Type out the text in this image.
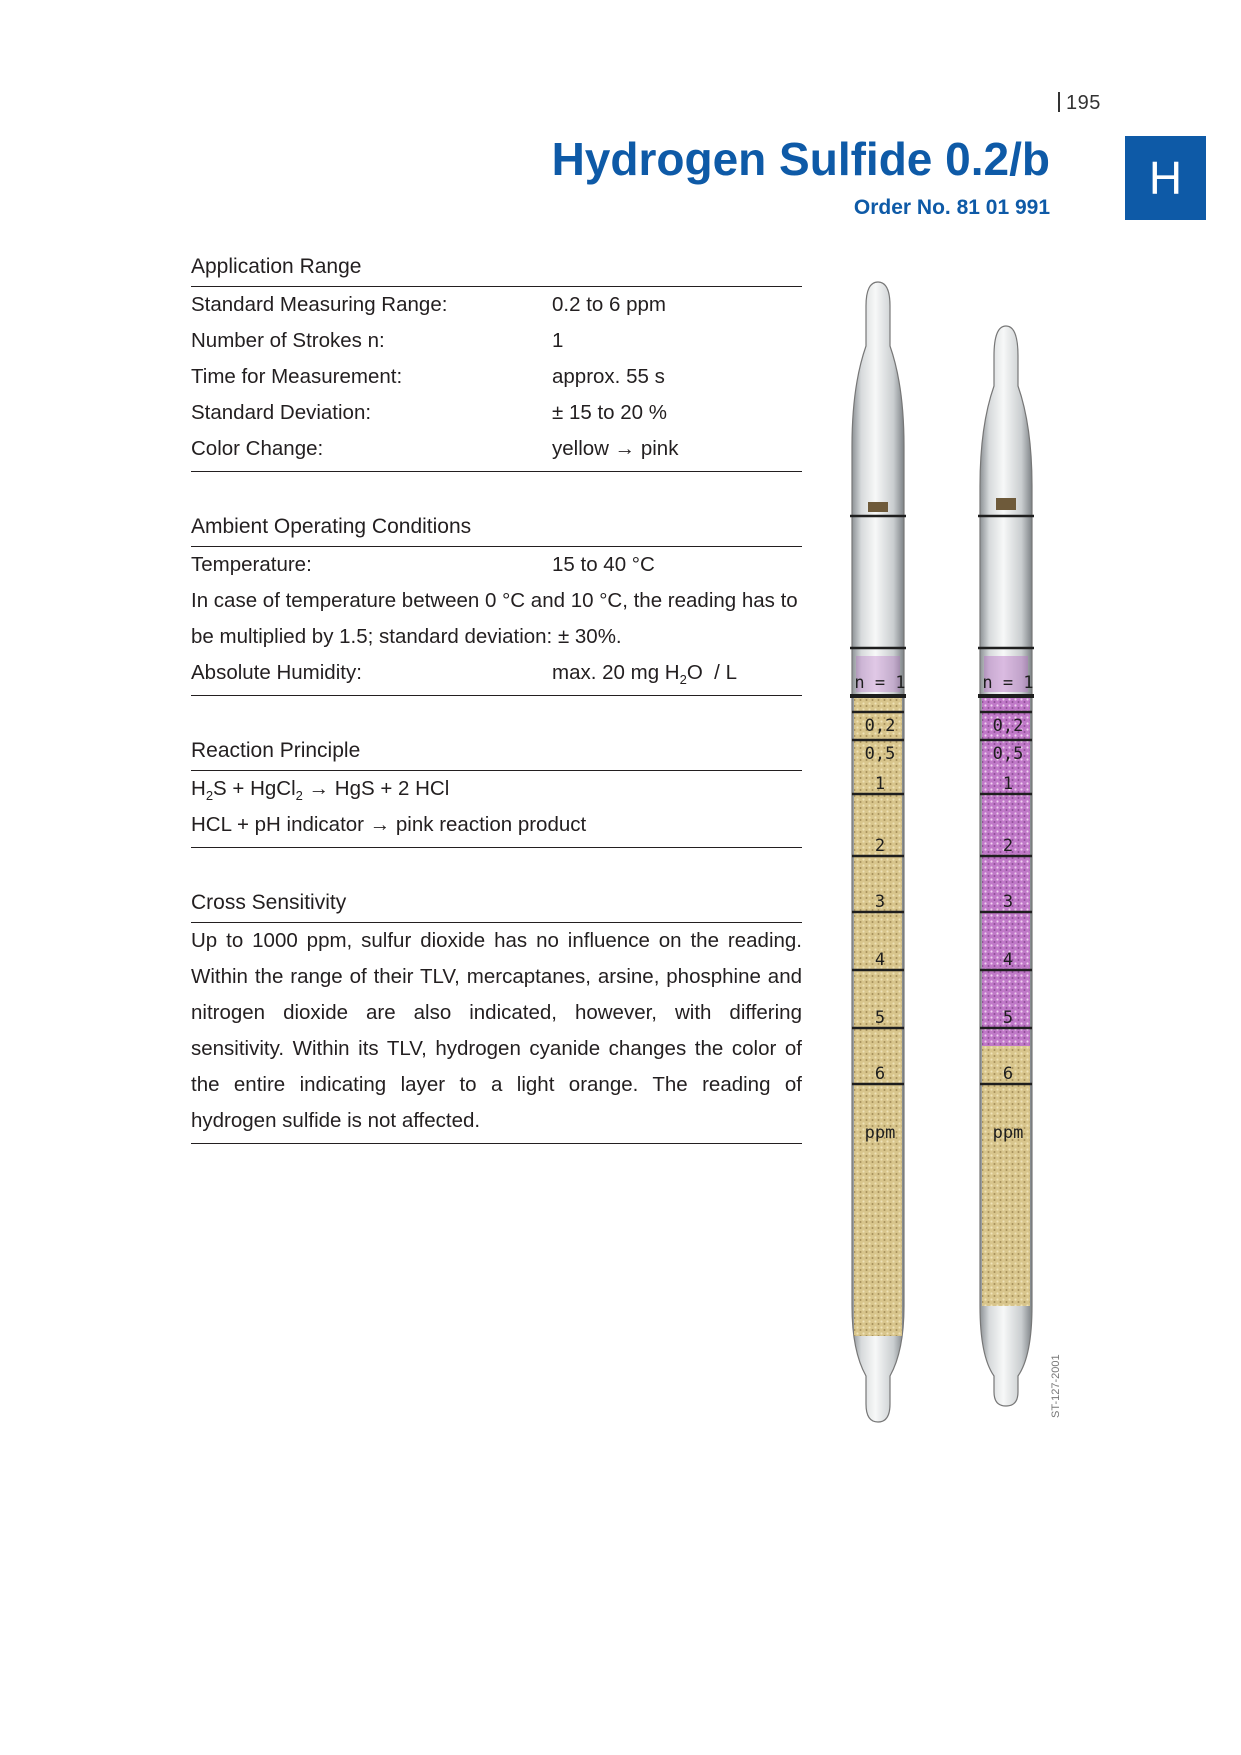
195
Hydrogen Sulfide 0.2/b
Order No. 81 01 991
H
Application Range
Standard Measuring Range:	0.2 to 6 ppm
Number of Strokes n:	1
Time for Measurement:	approx. 55 s
Standard Deviation:	± 15 to 20 %
Color Change:	yellow → pink
Ambient Operating Conditions
Temperature:	15 to 40 °C
In case of temperature between 0 °C and 10 °C, the reading has to be multiplied by 1.5; standard deviation: ± 30%.
Absolute Humidity:	max. 20 mg $H_2O$  / L
Reaction Principle
$H_2S$ + HgCl$_2$ → HgS + 2 HCl
HCL + pH indicator → pink reaction product
Cross Sensitivity
Up to 1000 ppm, sulfur dioxide has no influence on the reading. Within the range of their TLV, mercaptanes, arsine, phosphine and nitrogen dioxide are also indicated, however, with differing sensitivity. Within its TLV, hydrogen cyanide changes the color of the entire indicating layer to a light orange. The reading of hydrogen sulfide is not affected.
n = 1
0,2
0,5
1
2
3
4
5
6
ppm
n = 1
0,2
0,5
1
2
3
4
5
6
ppm
ST-127-2001
